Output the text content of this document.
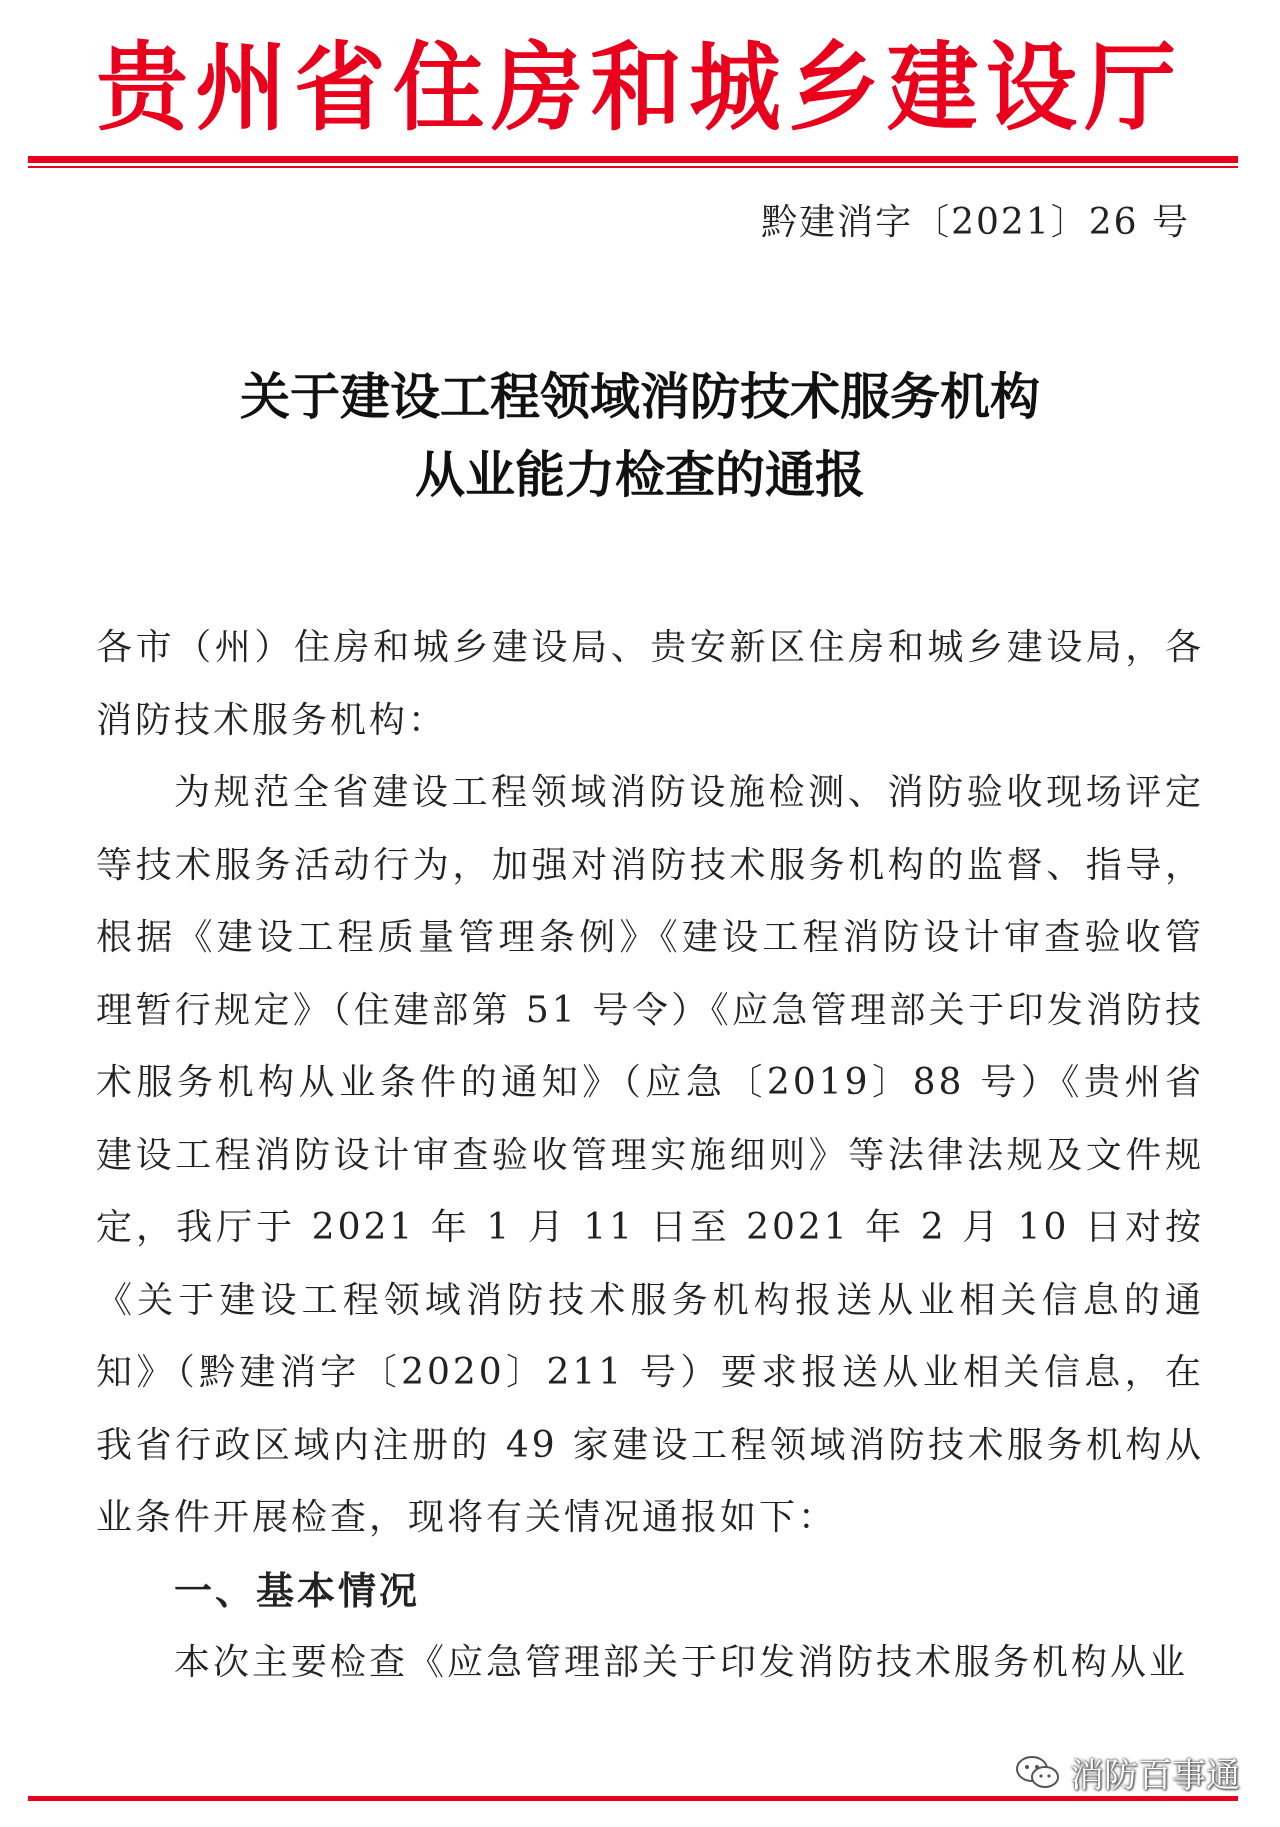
贵州省住房和城乡建设厅
黔建消字〔2021〕26 号
关于建设工程领域消防技术服务机构
从业能力检查的通报
各市（州）住房和城乡建设局、贵安新区住房和城乡建设局，各消防技术服务机构：
为规范全省建设工程领域消防设施检测、消防验收现场评定等技术服务活动行为，加强对消防技术服务机构的监督、指导，根据《建设工程质量管理条例》《建设工程消防设计审查验收管理暂行规定》（住建部第 51 号令）《应急管理部关于印发消防技术服务机构从业条件的通知》（应急〔2019〕88 号）《贵州省建设工程消防设计审查验收管理实施细则》等法律法规及文件规定，我厅于 2021 年 1 月 11 日至 2021 年 2 月 10 日对按《关于建设工程领域消防技术服务机构报送从业相关信息的通知》（黔建消字〔2020〕211 号）要求报送从业相关信息，在我省行政区域内注册的 49 家建设工程领域消防技术服务机构从业条件开展检查，现将有关情况通报如下：
一、基本情况
本次主要检查《应急管理部关于印发消防技术服务机构从业
消防百事通
